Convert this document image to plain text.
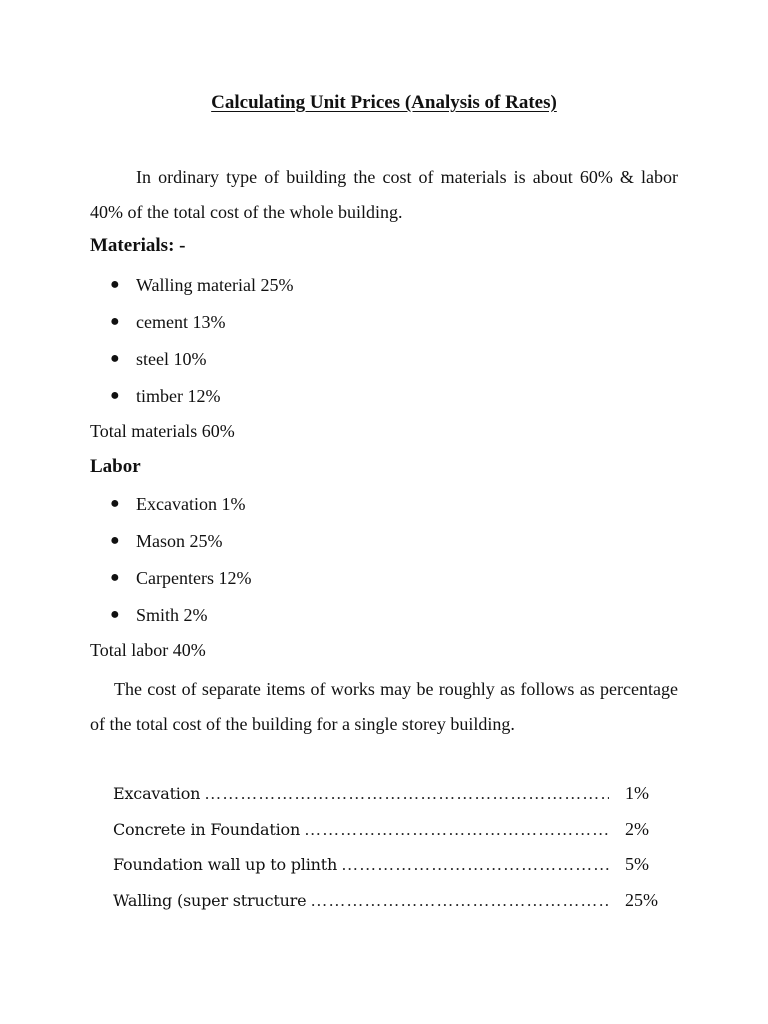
Calculating Unit Prices (Analysis of Rates)
In ordinary type of building the cost of materials is about 60% & labor 40% of the total cost of the whole building.
Materials: -
● Walling material 25%
● cement 13%
● steel 10%
● timber 12%
Total materials 60%
Labor
● Excavation 1%
● Mason 25%
● Carpenters 12%
● Smith 2%
Total labor 40%
The cost of separate items of works may be roughly as follows as percentage of the total cost of the building for a single storey building.
Excavation ……………………………………………………………………………………………………………………	1%
Concrete in Foundation ……………………………………………………………………………………………………………………	2%
Foundation wall up to plinth ……………………………………………………………………………………………………………………	5%
Walling (super structure ……………………………………………………………………………………………………………………	25%
